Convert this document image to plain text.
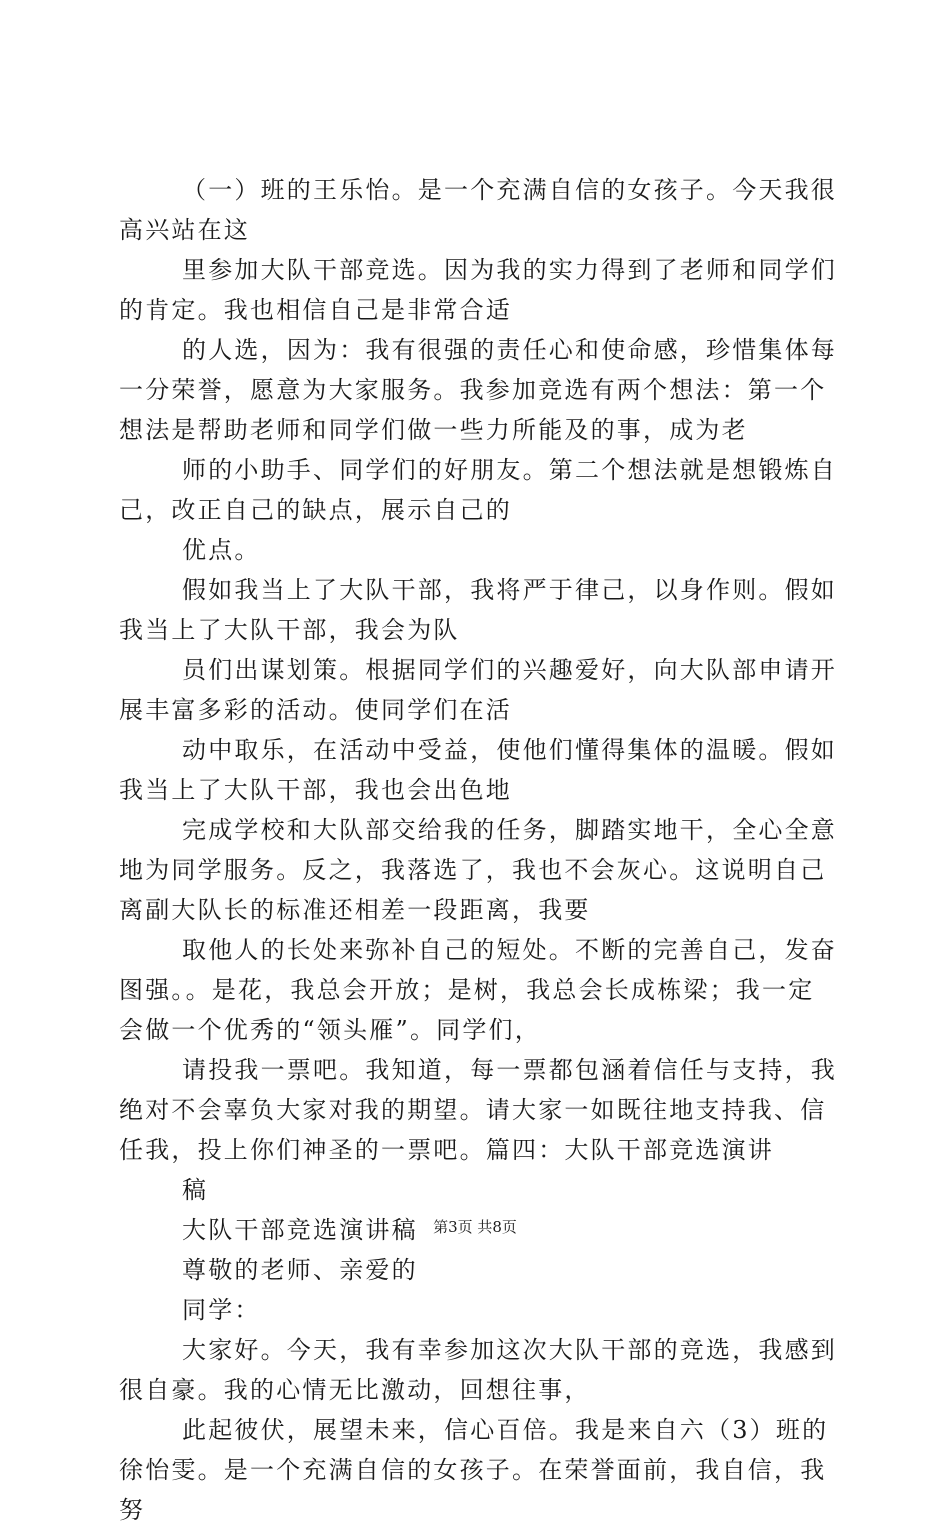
（一）班的王乐怡。是一个充满自信的女孩子。今天我很高兴站在这

里参加大队干部竞选。因为我的实力得到了老师和同学们的肯定。我也相信自己是非常合适

的人选，因为：我有很强的责任心和使命感，珍惜集体每一分荣誉，愿意为大家服务。我参加竞选有两个想法：第一个想法是帮助老师和同学们做一些力所能及的事，成为老

师的小助手、同学们的好朋友。第二个想法就是想锻炼自己，改正自己的缺点，展示自己的

优点。

假如我当上了大队干部，我将严于律己，以身作则。假如我当上了大队干部，我会为队

员们出谋划策。根据同学们的兴趣爱好，向大队部申请开展丰富多彩的活动。使同学们在活

动中取乐，在活动中受益，使他们懂得集体的温暖。假如我当上了大队干部，我也会出色地

完成学校和大队部交给我的任务，脚踏实地干，全心全意地为同学服务。反之，我落选了，我也不会灰心。这说明自己离副大队长的标准还相差一段距离，我要

取他人的长处来弥补自己的短处。不断的完善自己，发奋图强。。是花，我总会开放；是树，我总会长成栋梁；我一定会做一个优秀的“领头雁”。同学们，

请投我一票吧。我知道，每一票都包涵着信任与支持，我绝对不会辜负大家对我的期望。请大家一如既往地支持我、信任我，投上你们神圣的一票吧。篇四：大队干部竞选演讲

稿

大队干部竞选演讲稿

尊敬的老师、亲爱的

同学：

大家好。今天，我有幸参加这次大队干部的竞选，我感到很自豪。我的心情无比激动，回想往事，

此起彼伏，展望未来，信心百倍。我是来自六（3）班的徐怡雯。是一个充满自信的女孩子。在荣誉面前，我自信，我努

第3页 共8页
